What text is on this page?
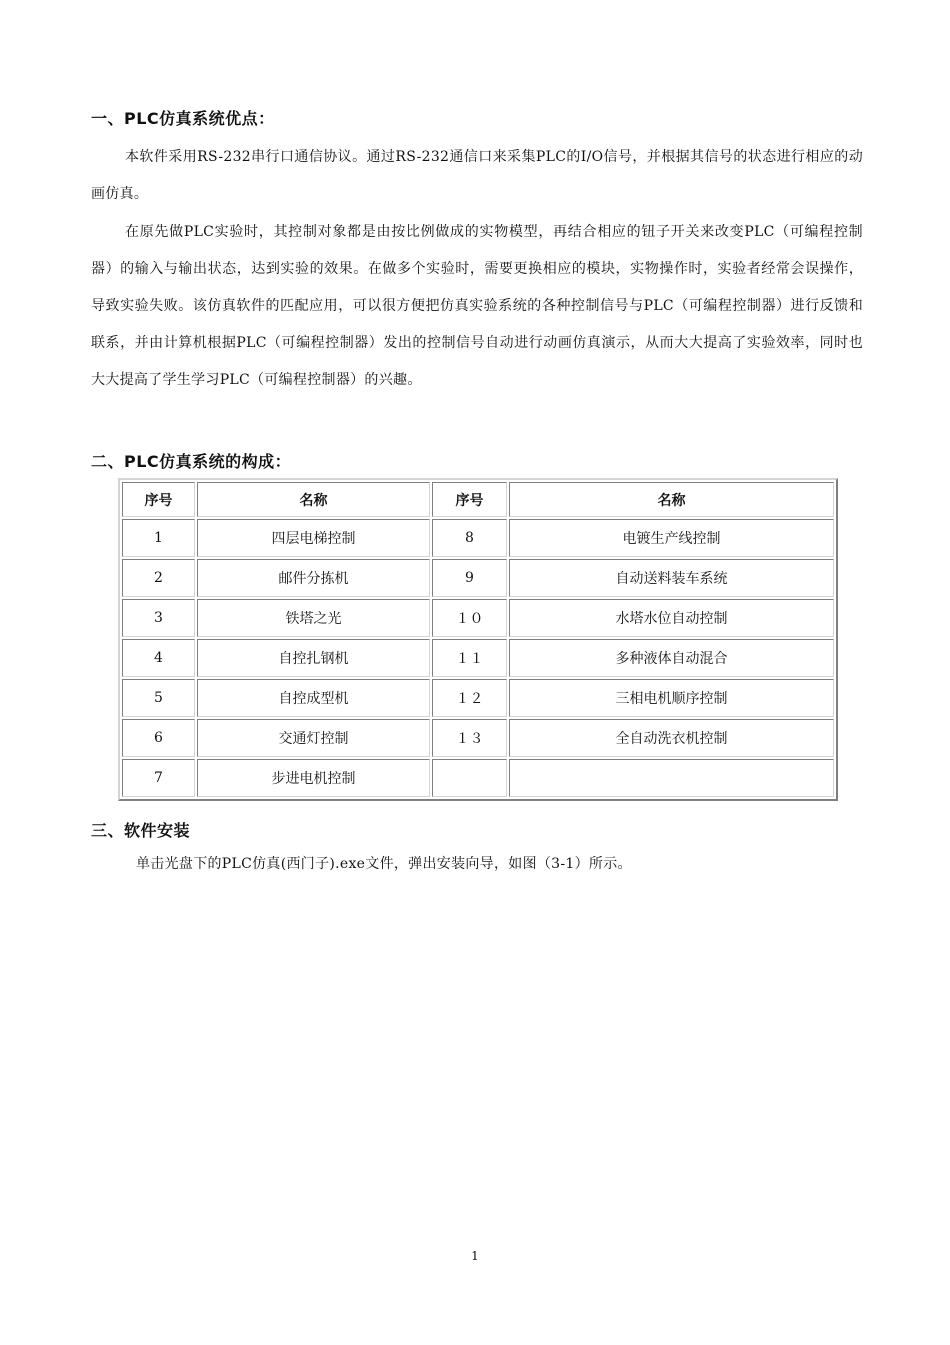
一、PLC仿真系统优点：

本软件采用RS-232串行口通信协议。通过RS-232通信口来采集PLC的I/O信号，并根据其信号的状态进行相应的动画仿真。

在原先做PLC实验时，其控制对象都是由按比例做成的实物模型，再结合相应的钮子开关来改变PLC（可编程控制器）的输入与输出状态，达到实验的效果。在做多个实验时，需要更换相应的模块，实物操作时，实验者经常会误操作，导致实验失败。该仿真软件的匹配应用，可以很方便把仿真实验系统的各种控制信号与PLC（可编程控制器）进行反馈和联系，并由计算机根据PLC（可编程控制器）发出的控制信号自动进行动画仿真演示，从而大大提高了实验效率，同时也大大提高了学生学习PLC（可编程控制器）的兴趣。

二、PLC仿真系统的构成：
序号	名称	序号	名称
1	四层电梯控制	8	电镀生产线控制
2	邮件分拣机	9	自动送料装车系统
3	铁塔之光	１０	水塔水位自动控制
4	自控扎钢机	１１	多种液体自动混合
5	自控成型机	１２	三相电机顺序控制
6	交通灯控制	１３	全自动洗衣机控制
7	步进电机控制		
三、软件安装
单击光盘下的PLC仿真(西门子).exe文件，弹出安装向导，如图（3-1）所示。
1
